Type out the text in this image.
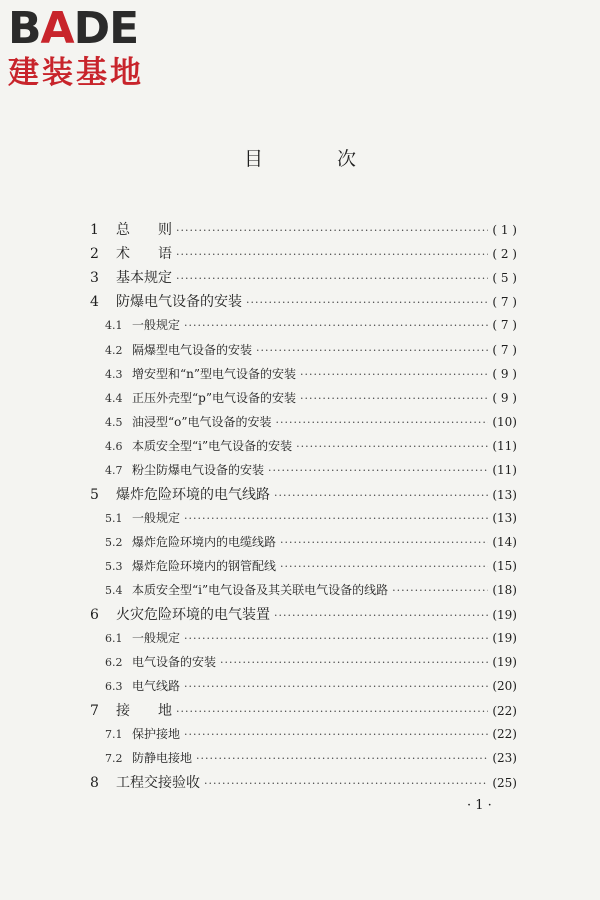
BADE
建装基地
目 次
1	总　　则 ·····	( 1 )
2	术　　语 ·····	( 2 )
3	基本规定 ·····	( 5 )
4	防爆电气设备的安装 ·····	( 7 )
4.1 一般规定 ·····	( 7 )
4.2 隔爆型电气设备的安装 ·····	( 7 )
4.3 增安型和“n”型电气设备的安装 ·····	( 9 )
4.4 正压外壳型“p”电气设备的安装 ·····	( 9 )
4.5 油浸型“o”电气设备的安装 ·····	(10)
4.6 本质安全型“i”电气设备的安装 ·····	(11)
4.7 粉尘防爆电气设备的安装 ·····	(11)
5	爆炸危险环境的电气线路 ·····	(13)
5.1 一般规定 ·····	(13)
5.2 爆炸危险环境内的电缆线路 ·····	(14)
5.3 爆炸危险环境内的钢管配线 ·····	(15)
5.4 本质安全型“i”电气设备及其关联电气设备的线路 ·····	(18)
6	火灾危险环境的电气装置 ·····	(19)
6.1 一般规定 ·····	(19)
6.2 电气设备的安装 ·····	(19)
6.3 电气线路 ·····	(20)
7	接　　地 ·····	(22)
7.1 保护接地 ·····	(22)
7.2 防静电接地 ·····	(23)
8	工程交接验收 ·····	(25)
· 1 ·
